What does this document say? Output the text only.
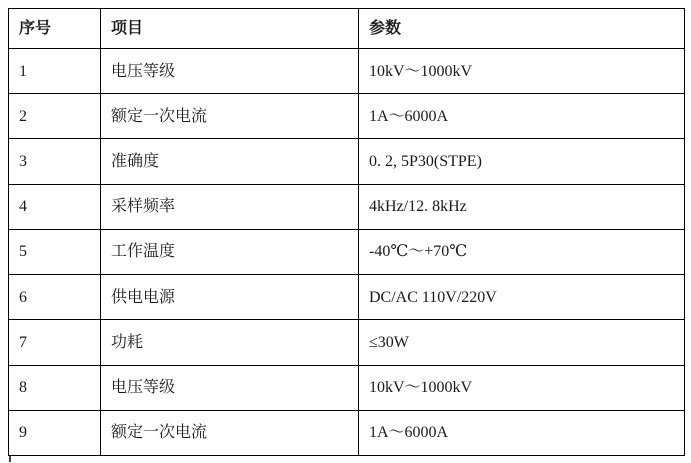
序号	项目	参数
1	电压等级	10kV～1000kV
2	额定一次电流	1A～6000A
3	准确度	0. 2, 5P30(STPE)
4	采样频率	4kHz/12. 8kHz
5	工作温度	-40℃～+70℃
6	供电电源	DC/AC 110V/220V
7	功耗	≤30W
8	电压等级	10kV～1000kV
9	额定一次电流	1A～6000A
